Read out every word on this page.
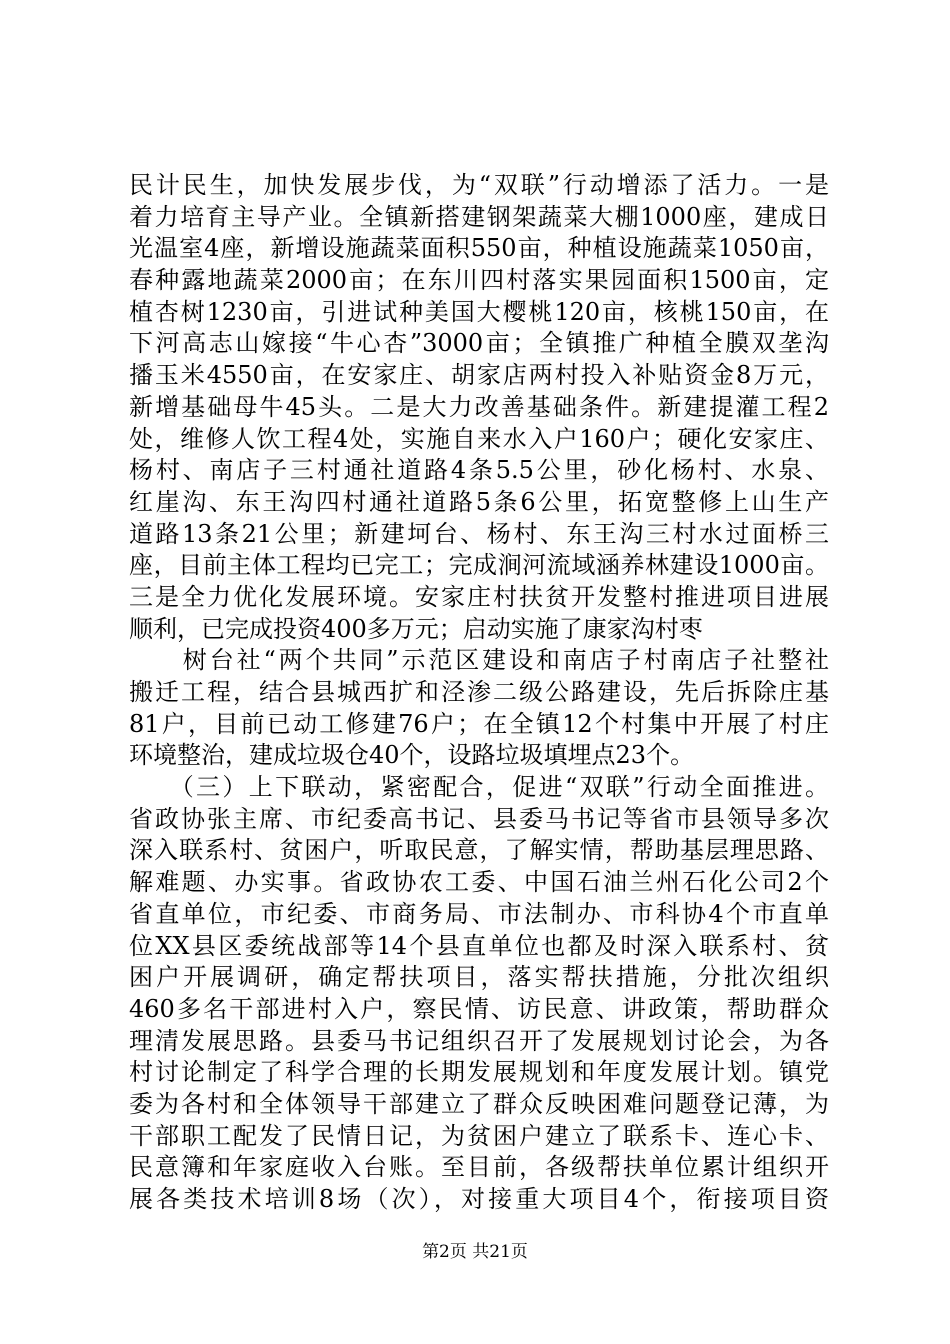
民计民生，加快发展步伐，为“双联”行动增添了活力。一是
着力培育主导产业。全镇新搭建钢架蔬菜大棚1000座，建成日
光温室4座，新增设施蔬菜面积550亩，种植设施蔬菜1050亩，
春种露地蔬菜2000亩；在东川四村落实果园面积1500亩，定
植杏树1230亩，引进试种美国大樱桃120亩，核桃150亩，在
下河高志山嫁接“牛心杏”3000亩；全镇推广种植全膜双垄沟
播玉米4550亩，在安家庄、胡家店两村投入补贴资金8万元，
新增基础母牛45头。二是大力改善基础条件。新建提灌工程2
处，维修人饮工程4处，实施自来水入户160户；硬化安家庄、
杨村、南店子三村通社道路4条5.5公里，砂化杨村、水泉、
红崖沟、东王沟四村通社道路5条6公里，拓宽整修上山生产
道路13条21公里；新建坷台、杨村、东王沟三村水过面桥三
座，目前主体工程均已完工；完成涧河流域涵养林建设1000亩。
三是全力优化发展环境。安家庄村扶贫开发整村推进项目进展
顺利，已完成投资400多万元；启动实施了康家沟村枣
　　树台社“两个共同”示范区建设和南店子村南店子社整社
搬迁工程，结合县城西扩和泾渗二级公路建设，先后拆除庄基
81户，目前已动工修建76户；在全镇12个村集中开展了村庄
环境整治，建成垃圾仓40个，设路垃圾填埋点23个。
　　（三）上下联动，紧密配合，促进“双联”行动全面推进。
省政协张主席、市纪委高书记、县委马书记等省市县领导多次
深入联系村、贫困户，听取民意，了解实情，帮助基层理思路、
解难题、办实事。省政协农工委、中国石油兰州石化公司2个
省直单位，市纪委、市商务局、市法制办、市科协4个市直单
位XX县区委统战部等14个县直单位也都及时深入联系村、贫
困户开展调研，确定帮扶项目，落实帮扶措施，分批次组织
460多名干部进村入户，察民情、访民意、讲政策，帮助群众
理清发展思路。县委马书记组织召开了发展规划讨论会，为各
村讨论制定了科学合理的长期发展规划和年度发展计划。镇党
委为各村和全体领导干部建立了群众反映困难问题登记薄，为
干部职工配发了民情日记，为贫困户建立了联系卡、连心卡、
民意簿和年家庭收入台账。至目前，各级帮扶单位累计组织开
展各类技术培训8场（次），对接重大项目4个，衔接项目资
第2页 共21页
